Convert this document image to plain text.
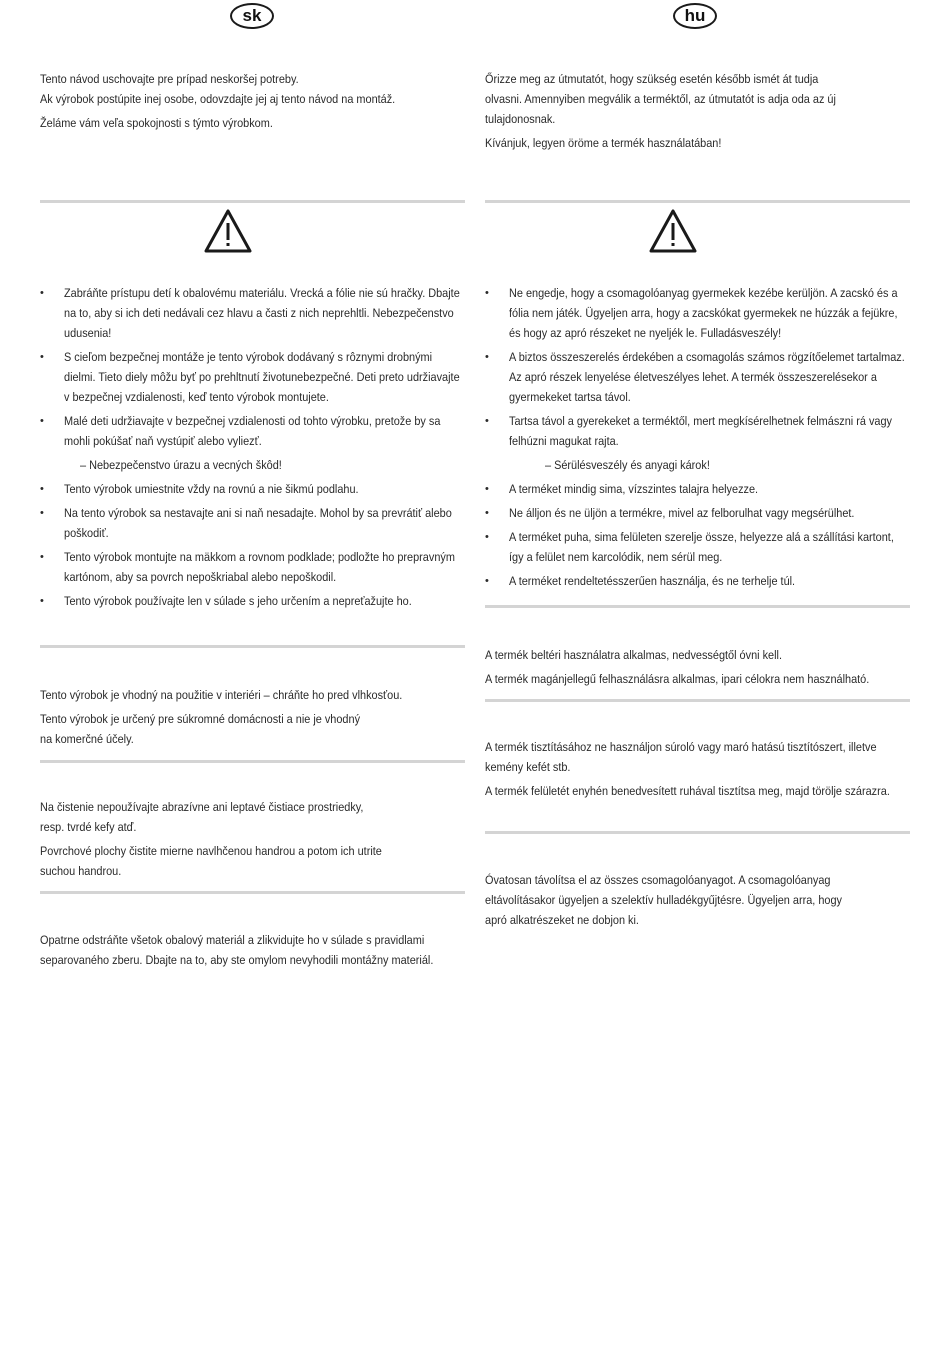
sk

Tento návod uschovajte pre prípad neskoršej potreby.

Ak výrobok postúpite inej osobe, odovzdajte jej aj tento návod na montáž.

Želáme vám veľa spokojnosti s týmto výrobkom.

• Zabráňte prístupu detí k obalovému materiálu. Vrecká a fólie nie sú hračky. Dbajte na to, aby si ich deti nedávali cez hlavu a časti z nich neprehltli. Nebezpečenstvo udusenia!

• S cieľom bezpečnej montáže je tento výrobok dodávaný s rôznymi drobnými dielmi. Tieto diely môžu byť po prehltnutí životunebezpečné. Deti preto udržiavajte v bezpečnej vzdialenosti, keď tento výrobok montujete.

• Malé deti udržiavajte v bezpečnej vzdialenosti od tohto výrobku, pretože by sa mohli pokúšať naň vystúpiť alebo vyliezť.

– Nebezpečenstvo úrazu a vecných škôd!

• Tento výrobok umiestnite vždy na rovnú a nie šikmú podlahu.

• Na tento výrobok sa nestavajte ani si naň nesadajte. Mohol by sa prevrátiť alebo poškodiť.

• Tento výrobok montujte na mäkkom a rovnom podklade; podložte ho prepravným kartónom, aby sa povrch nepoškriabal alebo nepoškodil.

• Tento výrobok používajte len v súlade s jeho určením a nepreťažujte ho.

Tento výrobok je vhodný na použitie v interiéri – chráňte ho pred vlhkosťou.

Tento výrobok je určený pre súkromné domácnosti a nie je vhodný na komerčné účely.

Na čistenie nepoužívajte abrazívne ani leptavé čistiace prostriedky, resp. tvrdé kefy atď.

Povrchové plochy čistite mierne navlhčenou handrou a potom ich utrite suchou handrou.

Opatrne odstráňte všetok obalový materiál a zlikvidujte ho v súlade s pravidlami separovaného zberu. Dbajte na to, aby ste omylom nevyhodili montážny materiál.

hu

Őrizze meg az útmutatót, hogy szükség esetén később ismét át tudja olvasni. Amennyiben megválik a terméktől, az útmutatót is adja oda az új tulajdonosnak.

Kívánjuk, legyen öröme a termék használatában!

• Ne engedje, hogy a csomagolóanyag gyermekek kezébe kerüljön. A zacskó és a fólia nem játék. Ügyeljen arra, hogy a zacskókat gyermekek ne húzzák a fejükre, és hogy az apró részeket ne nyeljék le. Fulladásveszély!

• A biztos összeszerelés érdekében a csomagolás számos rögzítőelemet tartalmaz. Az apró részek lenyelése életveszélyes lehet. A termék összeszerelésekor a gyermekeket tartsa távol.

• Tartsa távol a gyerekeket a terméktől, mert megkísérelhetnek felmászni rá vagy felhúzni magukat rajta.

– Sérülésveszély és anyagi károk!

• A terméket mindig sima, vízszintes talajra helyezze.

• Ne álljon és ne üljön a termékre, mivel az felborulhat vagy megsérülhet.

• A terméket puha, sima felületen szerelje össze, helyezze alá a szállítási kartont, így a felület nem karcolódik, nem sérül meg.

• A terméket rendeltetésszerűen használja, és ne terhelje túl.

A termék beltéri használatra alkalmas, nedvességtől óvni kell.

A termék magánjellegű felhasználásra alkalmas, ipari célokra nem használható.

A termék tisztításához ne használjon súroló vagy maró hatású tisztítószert, illetve kemény kefét stb.

A termék felületét enyhén benedvesített ruhával tisztítsa meg, majd törölje szárazra.

Óvatosan távolítsa el az összes csomagolóanyagot. A csomagolóanyag eltávolításakor ügyeljen a szelektív hulladékgyűjtésre. Ügyeljen arra, hogy apró alkatrészeket ne dobjon ki.
